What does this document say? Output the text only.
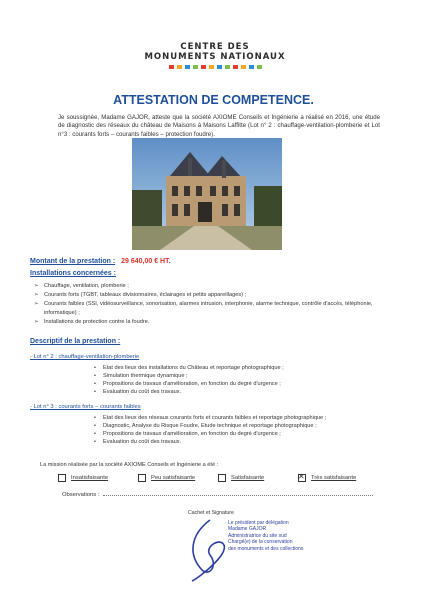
CENTRE DES
MONUMENTS NATIONAUX
ATTESTATION DE COMPETENCE.
Je soussignée, Madame GAJOR, atteste que la société AXIOME Conseils et Ingénierie a réalisé en 2016, une étude de diagnostic des réseaux du château de Maisons à Maisons Laffitte (Lot n° 2 : chauffage-ventilation-plomberie et Lot n°3 : courants forts – courants faibles – protection foudre).
Montant de la prestation : 29 640,00 € HT.
Installations concernées :
➢ Chauffage, ventilation, plomberie ;
➢ Courants forts (TGBT, tableaux divisionnaires, éclairages et petits appareillages) ;
➢ Courants faibles (SSI, vidéosurveillance, sonorisation, alarmes intrusion, interphonie, alarme technique, contrôle d'accès, téléphonie, informatique) ;
➢ Installations de protection contre la foudre.
Descriptif de la prestation :
- Lot n° 2 : chauffage-ventilation-plomberie
• Etat des lieux des installations du Château et reportage photographique ;
• Simulation thermique dynamique ;
• Propositions de travaux d'amélioration, en fonction du degré d'urgence ;
• Evaluation du coût des travaux.
- Lot n° 3 : courants forts – courants faibles
• Etat des lieux des réseaux courants forts et courants faibles et reportage photographique ;
• Diagnostic, Analyse du Risque Foudre, Etude technique et reportage photographique ;
• Propositions de travaux d'amélioration, en fonction du degré d'urgence ;
• Evaluation du coût des travaux.
La mission réalisée par la société AXIOME Conseils et Ingénierie a été :
Insatisfaisante	Peu satisfaisante	Satisfaisante
✕	Très satisfaisante
Observations :
Cachet et Signature
Le président par délégation
Madame GAJOR
Administratrice du site sud
Chargé(e) de la conservation
des monuments et des collections
